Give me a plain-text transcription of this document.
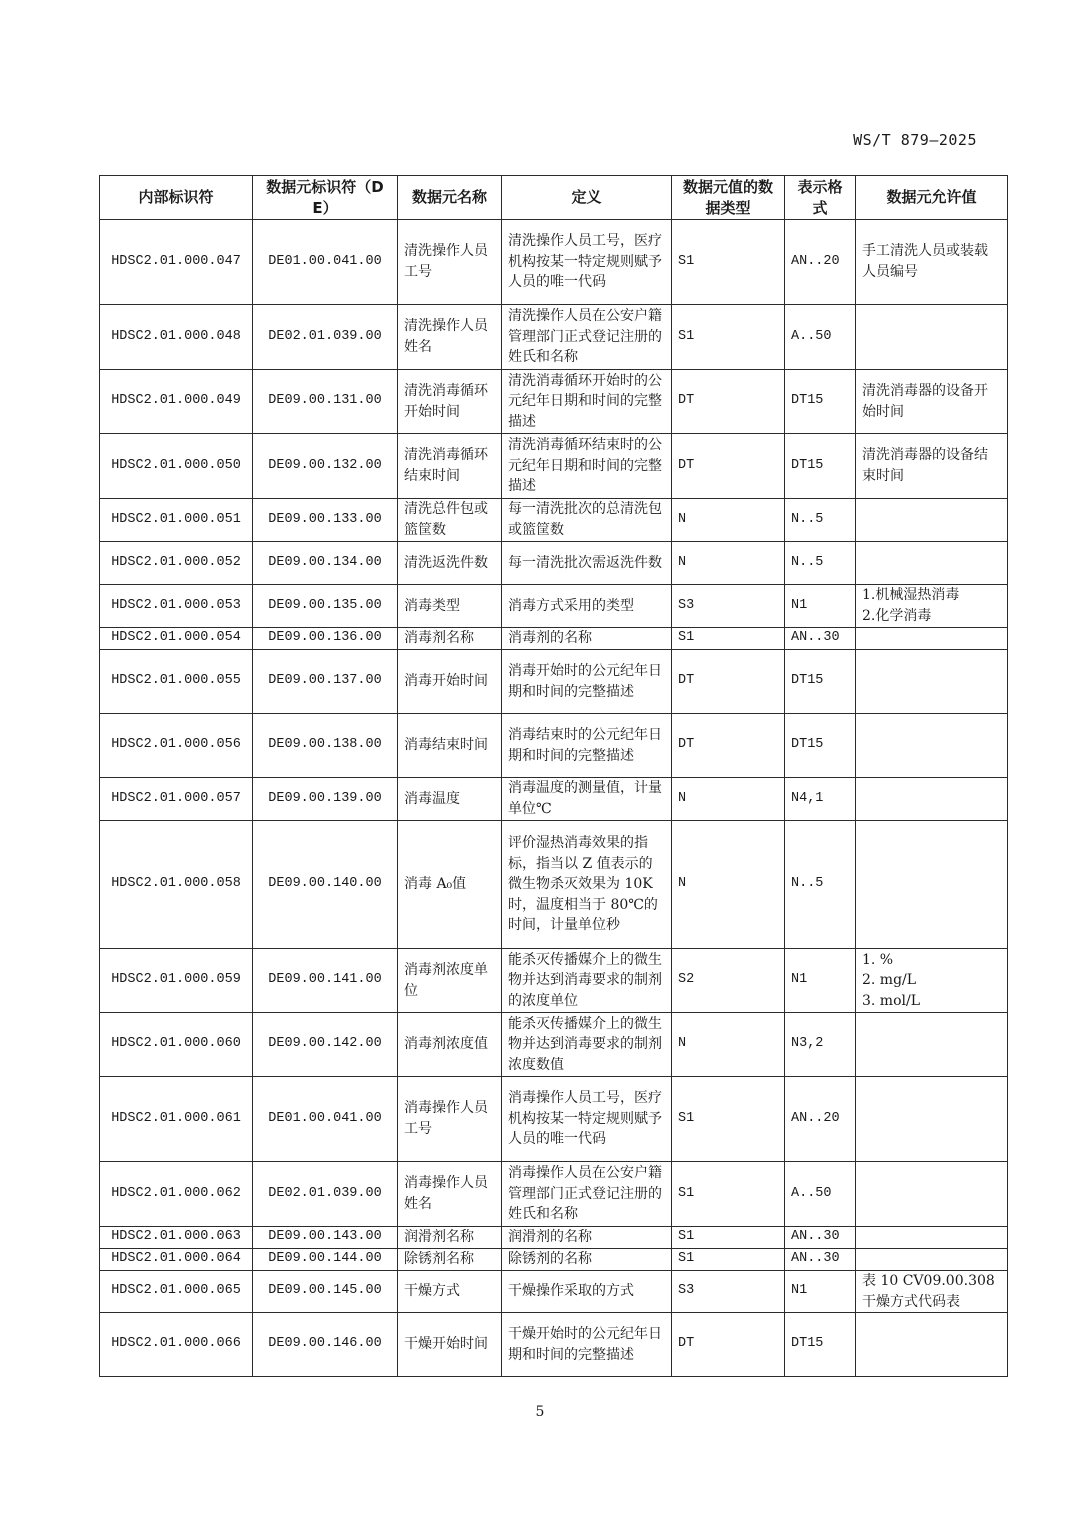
WS/T 879—2025
内部标识符	数据元标识符（DE）	数据元名称	定义	数据元值的数据类型	表示格式	数据元允许值
HDSC2.01.000.047	DE01.00.041.00	清洗操作人员工号	清洗操作人员工号，医疗机构按某一特定规则赋予人员的唯一代码	S1	AN..20	手工清洗人员或装载人员编号

HDSC2.01.000.048	DE02.01.039.00	清洗操作人员姓名	清洗操作人员在公安户籍管理部门正式登记注册的姓氏和名称	S1	A..50	
HDSC2.01.000.049	DE09.00.131.00	清洗消毒循环开始时间	清洗消毒循环开始时的公元纪年日期和时间的完整描述	DT	DT15	清洗消毒器的设备开始时间

HDSC2.01.000.050	DE09.00.132.00	清洗消毒循环结束时间	清洗消毒循环结束时的公元纪年日期和时间的完整描述	DT	DT15	清洗消毒器的设备结束时间

HDSC2.01.000.051	DE09.00.133.00	清洗总件包或篮筐数	每一清洗批次的总清洗包或篮筐数	N	N..5	
HDSC2.01.000.052	DE09.00.134.00	清洗返洗件数	每一清洗批次需返洗件数	N	N..5	
HDSC2.01.000.053	DE09.00.135.00	消毒类型	消毒方式采用的类型	S3	N1	1.机械湿热消毒
2.化学消毒

HDSC2.01.000.054	DE09.00.136.00	消毒剂名称	消毒剂的名称	S1	AN..30	
HDSC2.01.000.055	DE09.00.137.00	消毒开始时间	消毒开始时的公元纪年日期和时间的完整描述	DT	DT15	
HDSC2.01.000.056	DE09.00.138.00	消毒结束时间	消毒结束时的公元纪年日期和时间的完整描述	DT	DT15	
HDSC2.01.000.057	DE09.00.139.00	消毒温度	消毒温度的测量值，计量单位℃	N	N4,1	
HDSC2.01.000.058	DE09.00.140.00	消毒 A₀值	评价湿热消毒效果的指标，指当以 Z 值表示的微生物杀灭效果为 10K 时，温度相当于 80℃的时间，计量单位秒	N	N..5	
HDSC2.01.000.059	DE09.00.141.00	消毒剂浓度单位	能杀灭传播媒介上的微生物并达到消毒要求的制剂的浓度单位	S2	N1	1. %
2. mg/L
3. mol/L

HDSC2.01.000.060	DE09.00.142.00	消毒剂浓度值	能杀灭传播媒介上的微生物并达到消毒要求的制剂浓度数值	N	N3,2	
HDSC2.01.000.061	DE01.00.041.00	消毒操作人员工号	消毒操作人员工号，医疗机构按某一特定规则赋予人员的唯一代码	S1	AN..20	
HDSC2.01.000.062	DE02.01.039.00	消毒操作人员姓名	消毒操作人员在公安户籍管理部门正式登记注册的姓氏和名称	S1	A..50	
HDSC2.01.000.063	DE09.00.143.00	润滑剂名称	润滑剂的名称	S1	AN..30	
HDSC2.01.000.064	DE09.00.144.00	除锈剂名称	除锈剂的名称	S1	AN..30	
HDSC2.01.000.065	DE09.00.145.00	干燥方式	干燥操作采取的方式	S3	N1	表 10 CV09.00.308
干燥方式代码表

HDSC2.01.000.066	DE09.00.146.00	干燥开始时间	干燥开始时的公元纪年日期和时间的完整描述	DT	DT15	
5
